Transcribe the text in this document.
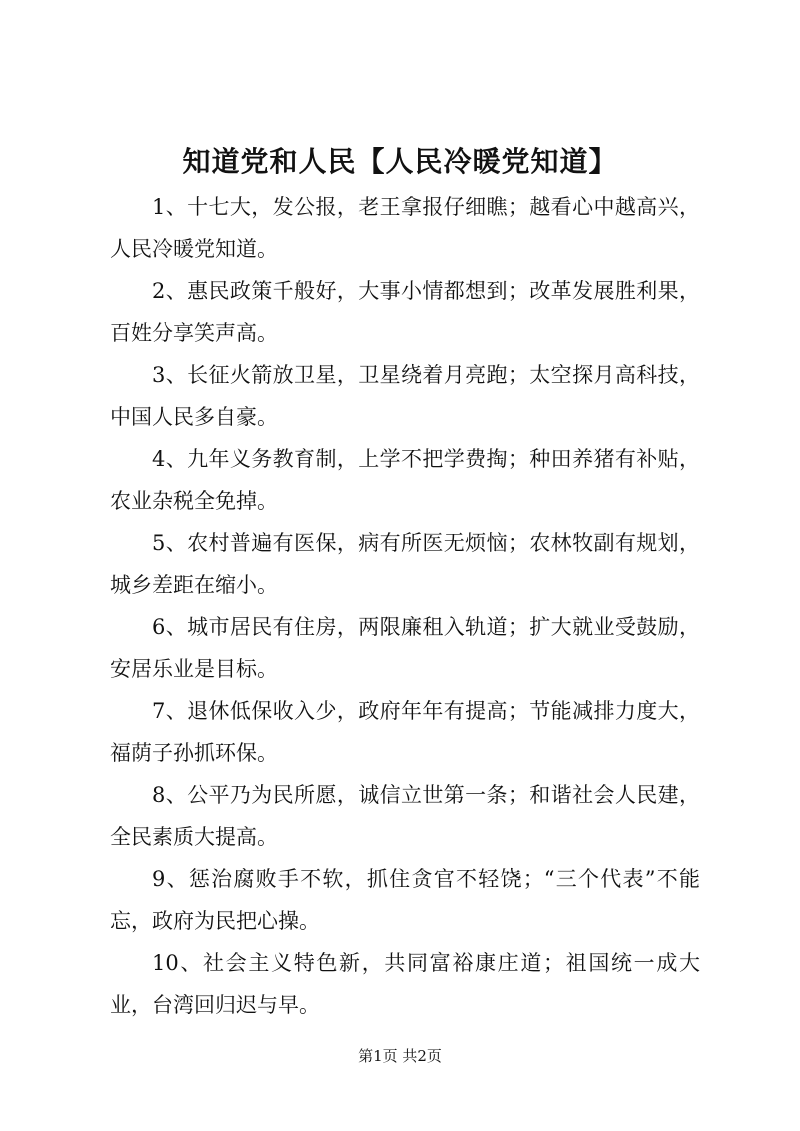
知道党和人民【人民冷暖党知道】

1、十七大，发公报，老王拿报仔细瞧；越看心中越高兴，人民冷暖党知道。

2、惠民政策千般好，大事小情都想到；改革发展胜利果，百姓分享笑声高。

3、长征火箭放卫星，卫星绕着月亮跑；太空探月高科技，中国人民多自豪。

4、九年义务教育制，上学不把学费掏；种田养猪有补贴，农业杂税全免掉。

5、农村普遍有医保，病有所医无烦恼；农林牧副有规划，城乡差距在缩小。

6、城市居民有住房，两限廉租入轨道；扩大就业受鼓励，安居乐业是目标。

7、退休低保收入少，政府年年有提高；节能减排力度大，福荫子孙抓环保。

8、公平乃为民所愿，诚信立世第一条；和谐社会人民建，全民素质大提高。

9、惩治腐败手不软，抓住贪官不轻饶；“三个代表”不能忘，政府为民把心操。

10、社会主义特色新，共同富裕康庄道；祖国统一成大业，台湾回归迟与早。

第1页 共2页
